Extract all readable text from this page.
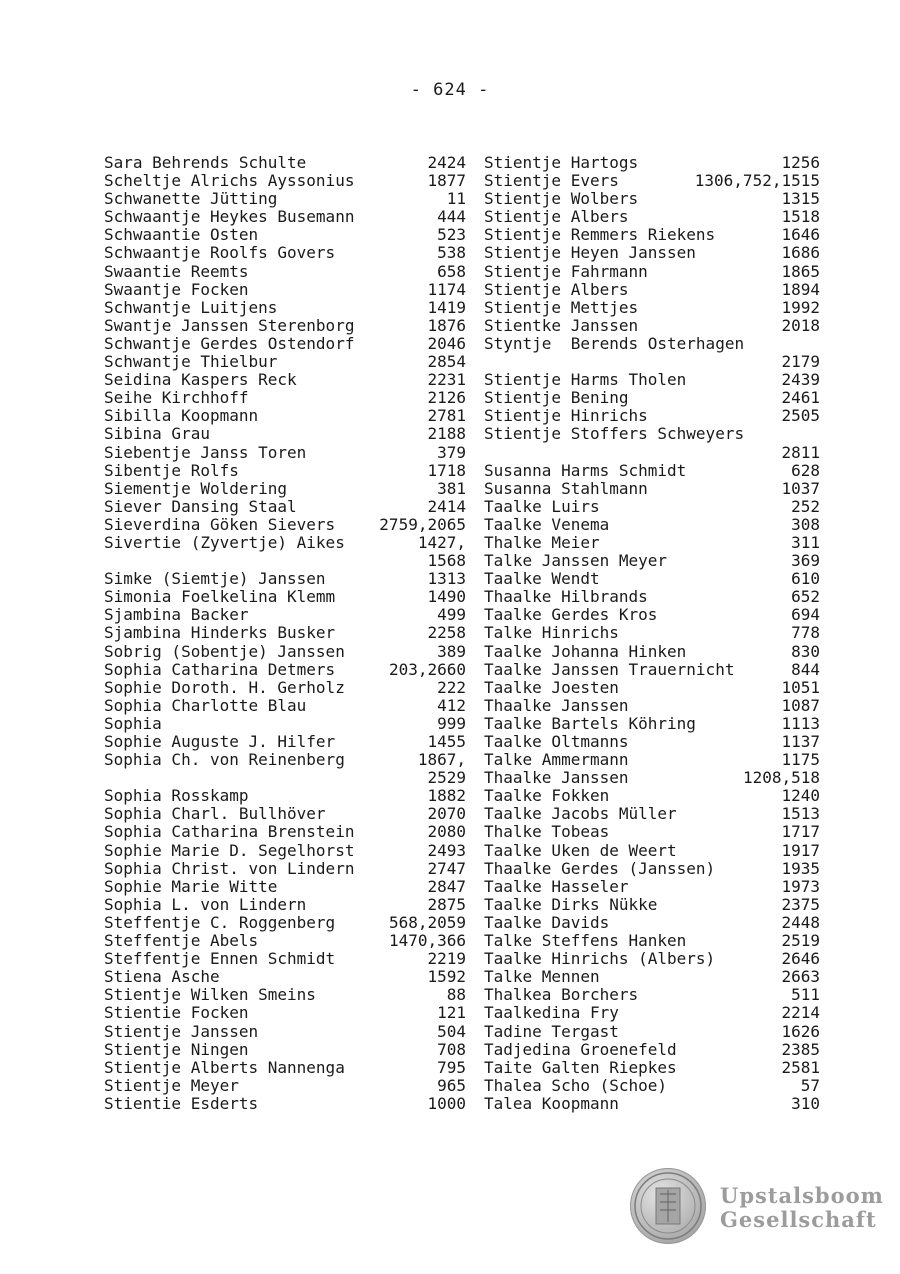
- 624 -
Sara Behrends Schulte	2424
Scheltje Alrichs Ayssonius	1877
Schwanette Jütting	11
Schwaantje Heykes Busemann	444
Schwaantie Osten	523
Schwaantje Roolfs Govers	538
Swaantie Reemts	658
Swaantje Focken	1174
Schwantje Luitjens	1419
Swantje Janssen Sterenborg	1876
Schwantje Gerdes Ostendorf	2046
Schwantje Thielbur	2854
Seidina Kaspers Reck	2231
Seihe Kirchhoff	2126
Sibilla Koopmann	2781
Sibina Grau	2188
Siebentje Janss Toren	379
Sibentje Rolfs	1718
Siementje Woldering	381
Siever Dansing Staal	2414
Sieverdina Göken Sievers	2759,2065
Sivertie (Zyvertje) Aikes	1427,
1568
Simke (Siemtje) Janssen	1313
Simonia Foelkelina Klemm	1490
Sjambina Backer	499
Sjambina Hinderks Busker	2258
Sobrig (Sobentje) Janssen	389
Sophia Catharina Detmers	203,2660
Sophie Doroth. H. Gerholz	222
Sophia Charlotte Blau	412
Sophia	999
Sophie Auguste J. Hilfer	1455
Sophia Ch. von Reinenberg	1867,
2529
Sophia Rosskamp	1882
Sophia Charl. Bullhöver	2070
Sophia Catharina Brenstein	2080
Sophie Marie D. Segelhorst	2493
Sophia Christ. von Lindern	2747
Sophie Marie Witte	2847
Sophia L. von Lindern	2875
Steffentje C. Roggenberg	568,2059
Steffentje Abels	1470,366
Steffentje Ennen Schmidt	2219
Stiena Asche	1592
Stientje Wilken Smeins	88
Stientie Focken	121
Stientje Janssen	504
Stientje Ningen	708
Stientje Alberts Nannenga	795
Stientje Meyer	965
Stientie Esderts	1000
Stientje Hartogs	1256
Stientje Evers	1306,752,1515
Stientje Wolbers	1315
Stientje Albers	1518
Stientje Remmers Riekens	1646
Stientje Heyen Janssen	1686
Stientje Fahrmann	1865
Stientje Albers	1894
Stientje Mettjes	1992
Stientke Janssen	2018
Styntje  Berends Osterhagen
2179
Stientje Harms Tholen	2439
Stientje Bening	2461
Stientje Hinrichs	2505
Stientje Stoffers Schweyers
2811
Susanna Harms Schmidt	628
Susanna Stahlmann	1037
Taalke Luirs	252
Taalke Venema	308
Thalke Meier	311
Talke Janssen Meyer	369
Taalke Wendt	610
Thaalke Hilbrands	652
Taalke Gerdes Kros	694
Talke Hinrichs	778
Taalke Johanna Hinken	830
Taalke Janssen Trauernicht	844
Taalke Joesten	1051
Thaalke Janssen	1087
Taalke Bartels Köhring	1113
Taalke Oltmanns	1137
Talke Ammermann	1175
Thaalke Janssen	1208,518
Taalke Fokken	1240
Taalke Jacobs Müller	1513
Thalke Tobeas	1717
Taalke Uken de Weert	1917
Thaalke Gerdes (Janssen)	1935
Taalke Hasseler	1973
Taalke Dirks Nükke	2375
Taalke Davids	2448
Talke Steffens Hanken	2519
Taalke Hinrichs (Albers)	2646
Talke Mennen	2663
Thalkea Borchers	511
Taalkedina Fry	2214
Tadine Tergast	1626
Tadjedina Groenefeld	2385
Taite Galten Riepkes	2581
Thalea Scho (Schoe)	57
Talea Koopmann	310
Upstalsboom
Gesellschaft
